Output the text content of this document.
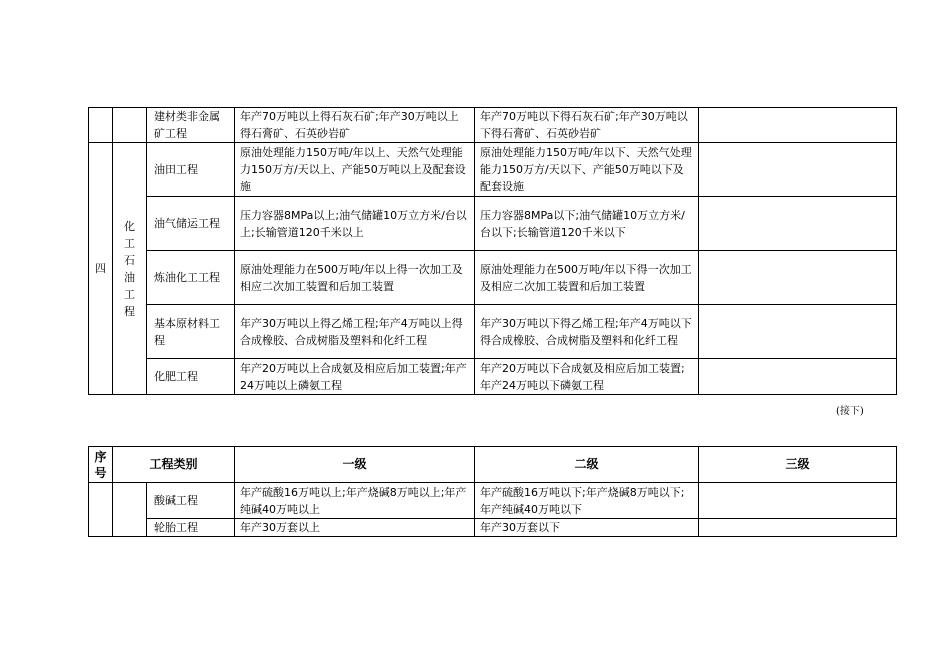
		建材类非金属矿工程	年产70万吨以上得石灰石矿;年产30万吨以上得石膏矿、石英砂岩矿	年产70万吨以下得石灰石矿;年产30万吨以下得石膏矿、石英砂岩矿	
四	化工石油工程	油田工程	原油处理能力150万吨/年以上、天然气处理能力150万方/天以上、产能50万吨以上及配套设施	原油处理能力150万吨/年以下、天然气处理能力150万方/天以下、产能50万吨以下及配套设施	
		油气储运工程	压力容器8MPa以上;油气储罐10万立方米/台以上;长输管道120千米以上	压力容器8MPa以下;油气储罐10万立方米/台以下;长输管道120千米以下	
		炼油化工工程	原油处理能力在500万吨/年以上得一次加工及相应二次加工装置和后加工装置	原油处理能力在500万吨/年以下得一次加工及相应二次加工装置和后加工装置	
		基本原材料工程	年产30万吨以上得乙烯工程;年产4万吨以上得合成橡胶、合成树脂及塑料和化纤工程	年产30万吨以下得乙烯工程;年产4万吨以下得合成橡胶、合成树脂及塑料和化纤工程	
		化肥工程	年产20万吨以上合成氨及相应后加工装置;年产24万吨以上磷氨工程	年产20万吨以下合成氨及相应后加工装置;年产24万吨以下磷氨工程	
(接下)
序号	工程类别		一级	二级	三级
		酸碱工程	年产硫酸16万吨以上;年产烧碱8万吨以上;年产纯碱40万吨以上	年产硫酸16万吨以下;年产烧碱8万吨以下;年产纯碱40万吨以下	
		轮胎工程	年产30万套以上	年产30万套以下	
